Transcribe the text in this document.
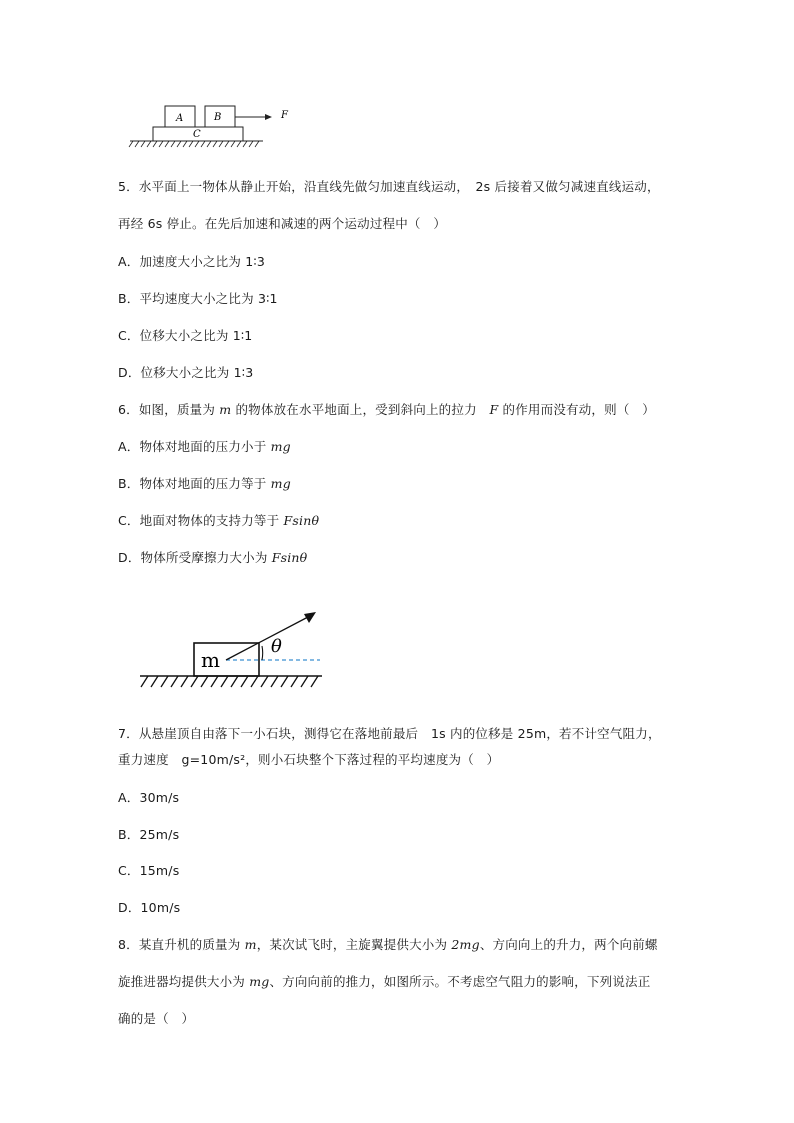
A	B
C
F
5．水平面上一物体从静止开始，沿直线先做匀加速直线运动，　2s 后接着又做匀减速直线运动，
再经 6s 停止。在先后加速和减速的两个运动过程中（　）
A．加速度大小之比为 1∶3
B．平均速度大小之比为 3∶1
C．位移大小之比为 1∶1
D．位移大小之比为 1∶3
6．如图，质量为 m 的物体放在水平地面上，受到斜向上的拉力　F 的作用而没有动，则（　）
A．物体对地面的压力小于 mg
B．物体对地面的压力等于 mg
C．地面对物体的支持力等于 Fsinθ
D．物体所受摩擦力大小为 Fsinθ
m
θ
7．从悬崖顶自由落下一小石块，测得它在落地前最后　1s 内的位移是 25m，若不计空气阻力，
重力速度　g=10m/s²，则小石块整个下落过程的平均速度为（　）
A．30m/s
B．25m/s
C．15m/s
D．10m/s
8．某直升机的质量为 m，某次试飞时，主旋翼提供大小为 2mg、方向向上的升力，两个向前螺
旋推进器均提供大小为 mg、方向向前的推力，如图所示。不考虑空气阻力的影响，下列说法正
确的是（　）
